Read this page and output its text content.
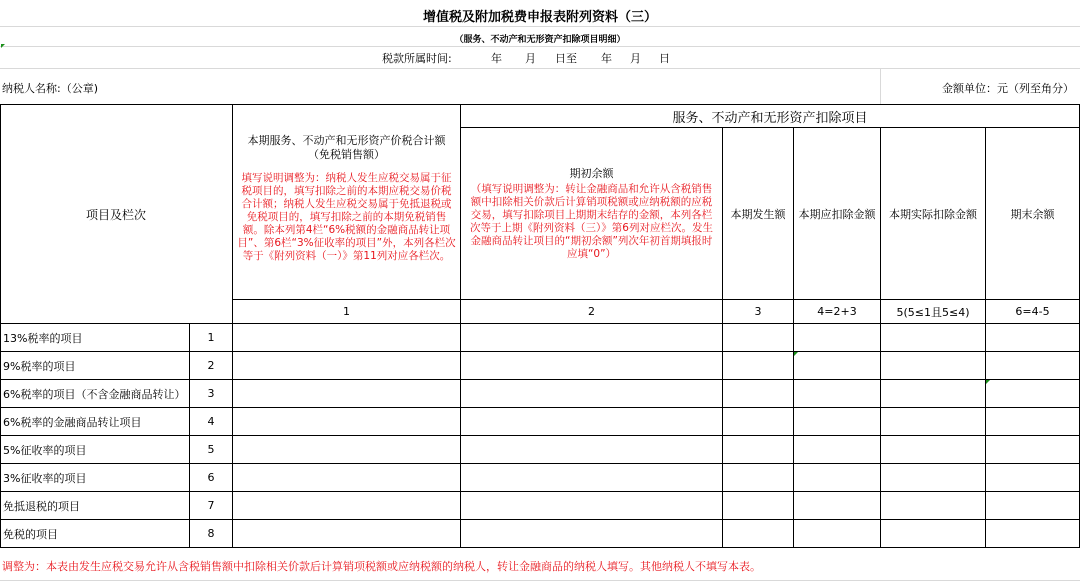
增值税及附加税费申报表附列资料（三）
（服务、不动产和无形资产扣除项目明细）
税款所属时间:	年 月 日至 年 月 日
纳税人名称:（公章)	金额单位：元（列至角分）
项目及栏次
本期服务、不动产和无形资产价税合计额（免税销售额）
填写说明调整为：纳税人发生应税交易属于征税项目的，填写扣除之前的本期应税交易价税合计额；纳税人发生应税交易属于免抵退税或免税项目的，填写扣除之前的本期免税销售额。除本列第4栏“6%税额的金融商品转让项目”、第6栏“3%征收率的项目”外，本列各栏次等于《附列资料（一）》第11列对应各栏次。
服务、不动产和无形资产扣除项目
期初余额
（填写说明调整为：转让金融商品和允许从含税销售额中扣除相关价款后计算销项税额或应纳税额的应税交易，填写扣除项目上期期末结存的金额，本列各栏次等于上期《附列资料（三）》第6列对应栏次。发生金融商品转让项目的“期初余额”列次年初首期填报时应填“0”）
本期发生额	本期应扣除金额	本期实际扣除金额	期末余额
1	2	3	4=2+3	5(5≤1且5≤4)	6=4-5
13%税率的项目	1
9%税率的项目	2
6%税率的项目（不含金融商品转让）	3
6%税率的金融商品转让项目	4
5%征收率的项目	5
3%征收率的项目	6
免抵退税的项目	7
免税的项目	8
调整为：本表由发生应税交易允许从含税销售额中扣除相关价款后计算销项税额或应纳税额的纳税人，转让金融商品的纳税人填写。其他纳税人不填写本表。
